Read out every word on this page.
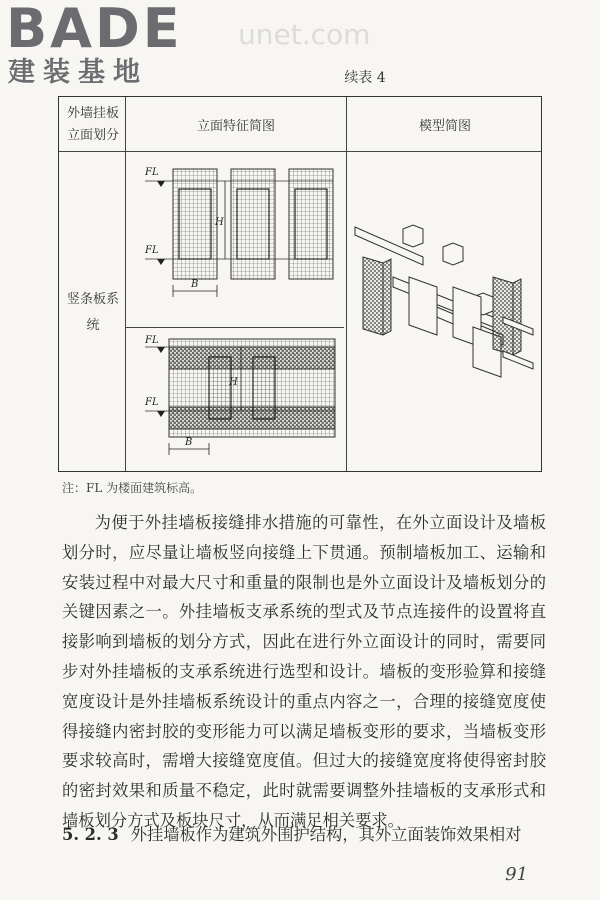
BADE
建装基地
unet.com
续表 4
外墙挂板立面划分
立面特征简图	模型简图
竖条板系统
FL
FL
H
B
FL
FL
H
B
注：FL 为楼面建筑标高。

为便于外挂墙板接缝排水措施的可靠性，在外立面设计及墙板划分时，应尽量让墙板竖向接缝上下贯通。预制墙板加工、运输和安装过程中对最大尺寸和重量的限制也是外立面设计及墙板划分的关键因素之一。外挂墙板支承系统的型式及节点连接件的设置将直接影响到墙板的划分方式，因此在进行外立面设计的同时，需要同步对外挂墙板的支承系统进行选型和设计。墙板的变形验算和接缝宽度设计是外挂墙板系统设计的重点内容之一，合理的接缝宽度使得接缝内密封胶的变形能力可以满足墙板变形的要求，当墙板变形要求较高时，需增大接缝宽度值。但过大的接缝宽度将使得密封胶的密封效果和质量不稳定，此时就需要调整外挂墙板的支承形式和墙板划分方式及板块尺寸，从而满足相关要求。

5. 2. 3 外挂墙板作为建筑外围护结构，其外立面装饰效果相对

91
